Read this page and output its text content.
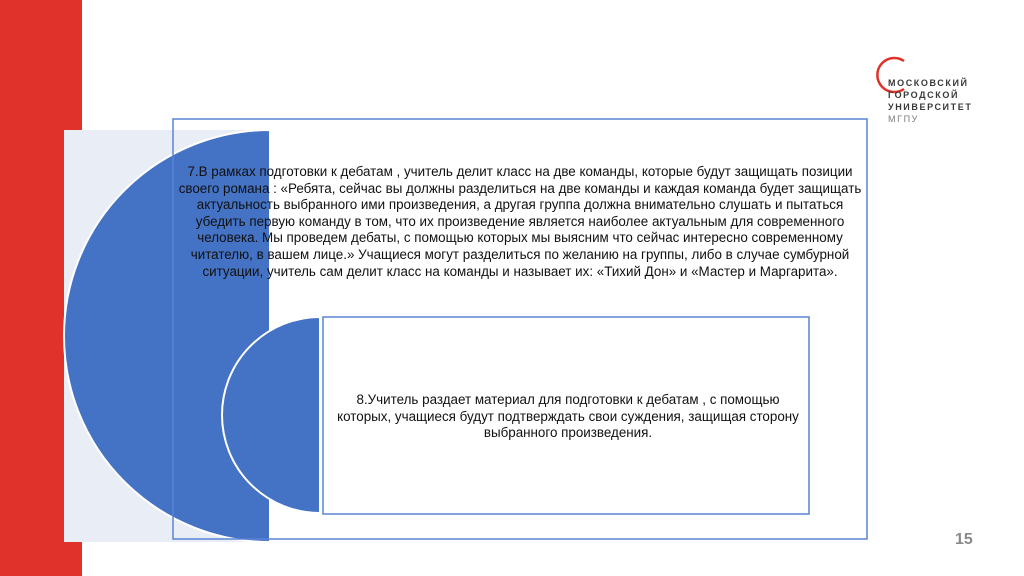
МОСКОВСКИЙ
ГОРОДСКОЙ
УНИВЕРСИТЕТ
МГПУ
7.В рамках подготовки к дебатам , учитель делит класс на две команды, которые будут защищать позиции своего романа : «Ребята, сейчас вы должны разделиться на две команды и каждая команда будет защищать актуальность выбранного ими произведения, а другая группа должна внимательно слушать и пытаться убедить первую команду в том, что их произведение является наиболее актуальным для современного человека. Мы проведем дебаты, с помощью которых мы выясним что сейчас интересно современному читателю, в вашем лице.» Учащиеся могут разделиться по желанию на группы, либо в случае сумбурной ситуации, учитель сам делит класс на команды и называет их: «Тихий Дон» и «Мастер и Маргарита».
8.Учитель раздает материал для подготовки к дебатам , с помощью которых, учащиеся будут подтверждать свои суждения, защищая сторону выбранного произведения.
15
